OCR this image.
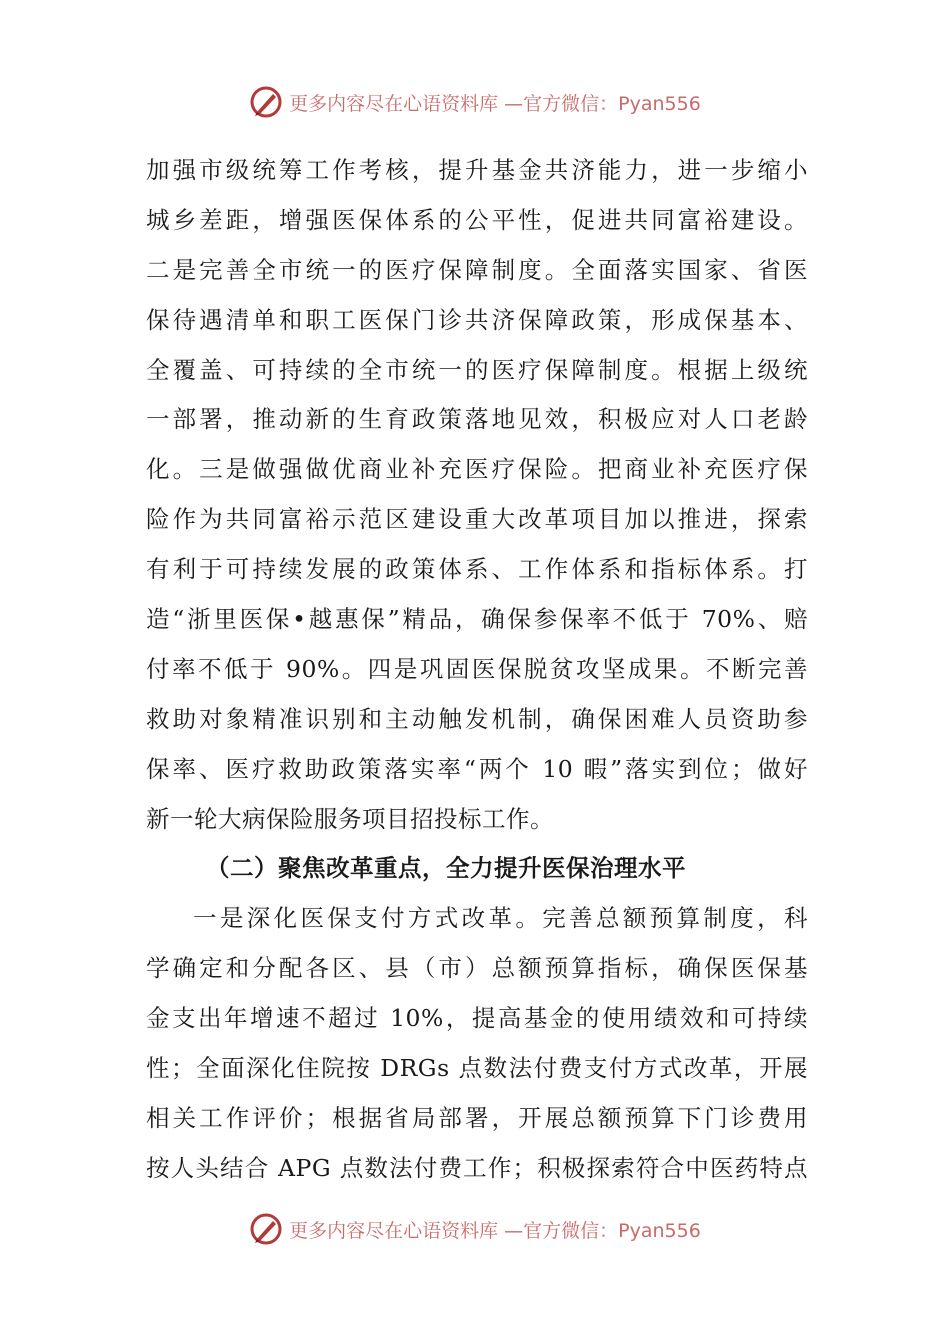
更多内容尽在心语资料库 —官方微信：Pyan556
加强市级统筹工作考核，提升基金共济能力，进一步缩小
城乡差距，增强医保体系的公平性，促进共同富裕建设。
二是完善全市统一的医疗保障制度。全面落实国家、省医
保待遇清单和职工医保门诊共济保障政策，形成保基本、
全覆盖、可持续的全市统一的医疗保障制度。根据上级统
一部署，推动新的生育政策落地见效，积极应对人口老龄
化。三是做强做优商业补充医疗保险。把商业补充医疗保
险作为共同富裕示范区建设重大改革项目加以推进，探索
有利于可持续发展的政策体系、工作体系和指标体系。打
造“浙里医保•越惠保”精品，确保参保率不低于 70%、赔
付率不低于 90%。四是巩固医保脱贫攻坚成果。不断完善
救助对象精准识别和主动触发机制，确保困难人员资助参
保率、医疗救助政策落实率“两个 10 暇”落实到位；做好
新一轮大病保险服务项目招投标工作。
（二）聚焦改革重点，全力提升医保治理水平
一是深化医保支付方式改革。完善总额预算制度，科
学确定和分配各区、县（市）总额预算指标，确保医保基
金支出年增速不超过 10%，提高基金的使用绩效和可持续
性；全面深化住院按 DRGs 点数法付费支付方式改革，开展
相关工作评价；根据省局部署，开展总额预算下门诊费用
按人头结合 APG 点数法付费工作；积极探索符合中医药特点
更多内容尽在心语资料库 —官方微信：Pyan556
